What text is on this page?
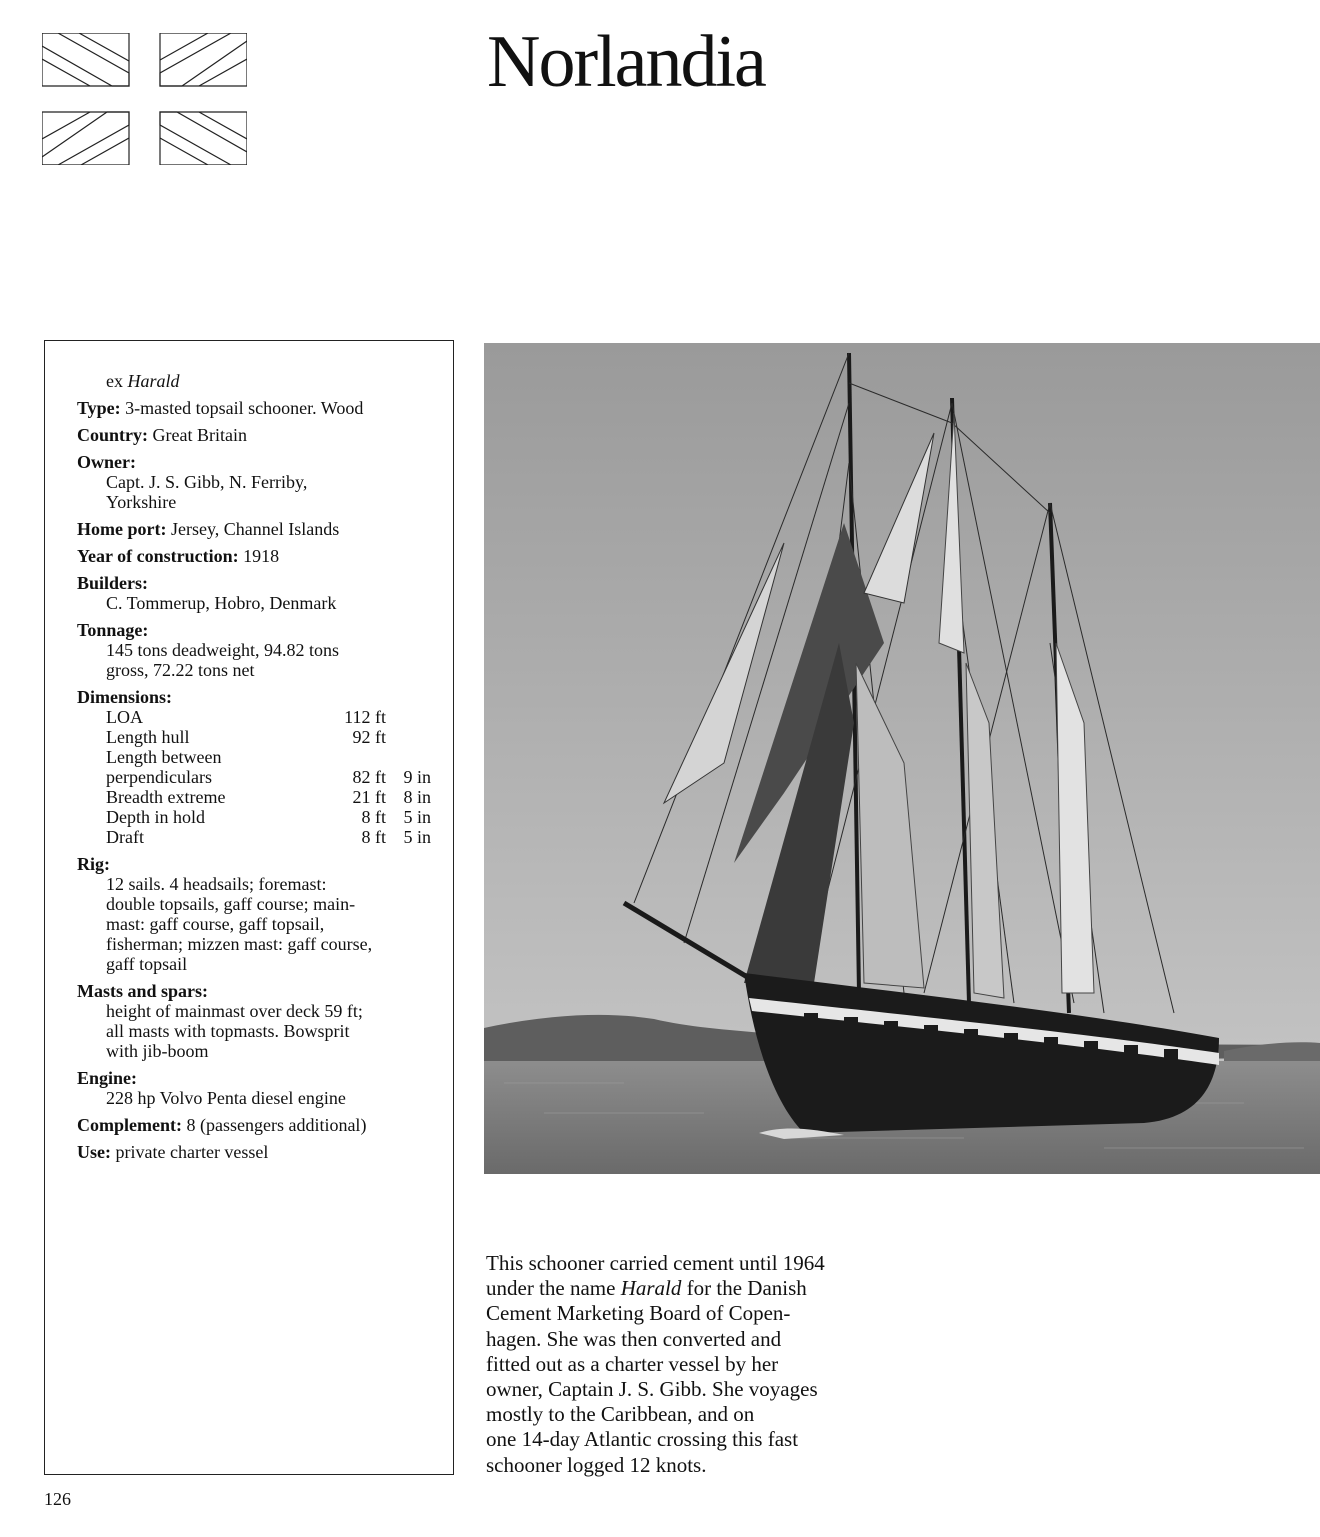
Norlandia
ex Harald
Type: 3-masted topsail schooner. Wood
Country: Great Britain
Owner:
Capt. J. S. Gibb, N. Ferriby,
Yorkshire
Home port: Jersey, Channel Islands
Year of construction: 1918
Builders:
C. Tommerup, Hobro, Denmark
Tonnage:
145 tons deadweight, 94.82 tons
gross, 72.22 tons net
Dimensions:
LOA	112 ft	
Length hull	92 ft	
Length between		
perpendiculars	82 ft	9 in
Breadth extreme	21 ft	8 in
Depth in hold	8 ft	5 in
Draft	8 ft	5 in
Rig:
12 sails. 4 headsails; foremast:
double topsails, gaff course; main-
mast: gaff course, gaff topsail,
fisherman; mizzen mast: gaff course,
gaff topsail
Masts and spars:
height of mainmast over deck 59 ft;
all masts with topmasts. Bowsprit
with jib-boom
Engine:
228 hp Volvo Penta diesel engine
Complement: 8 (passengers additional)
Use: private charter vessel
This schooner carried cement until 1964
under the name Harald for the Danish
Cement Marketing Board of Copen-
hagen. She was then converted and
fitted out as a charter vessel by her
owner, Captain J. S. Gibb. She voyages
mostly to the Caribbean, and on
one 14-day Atlantic crossing this fast
schooner logged 12 knots.
126
